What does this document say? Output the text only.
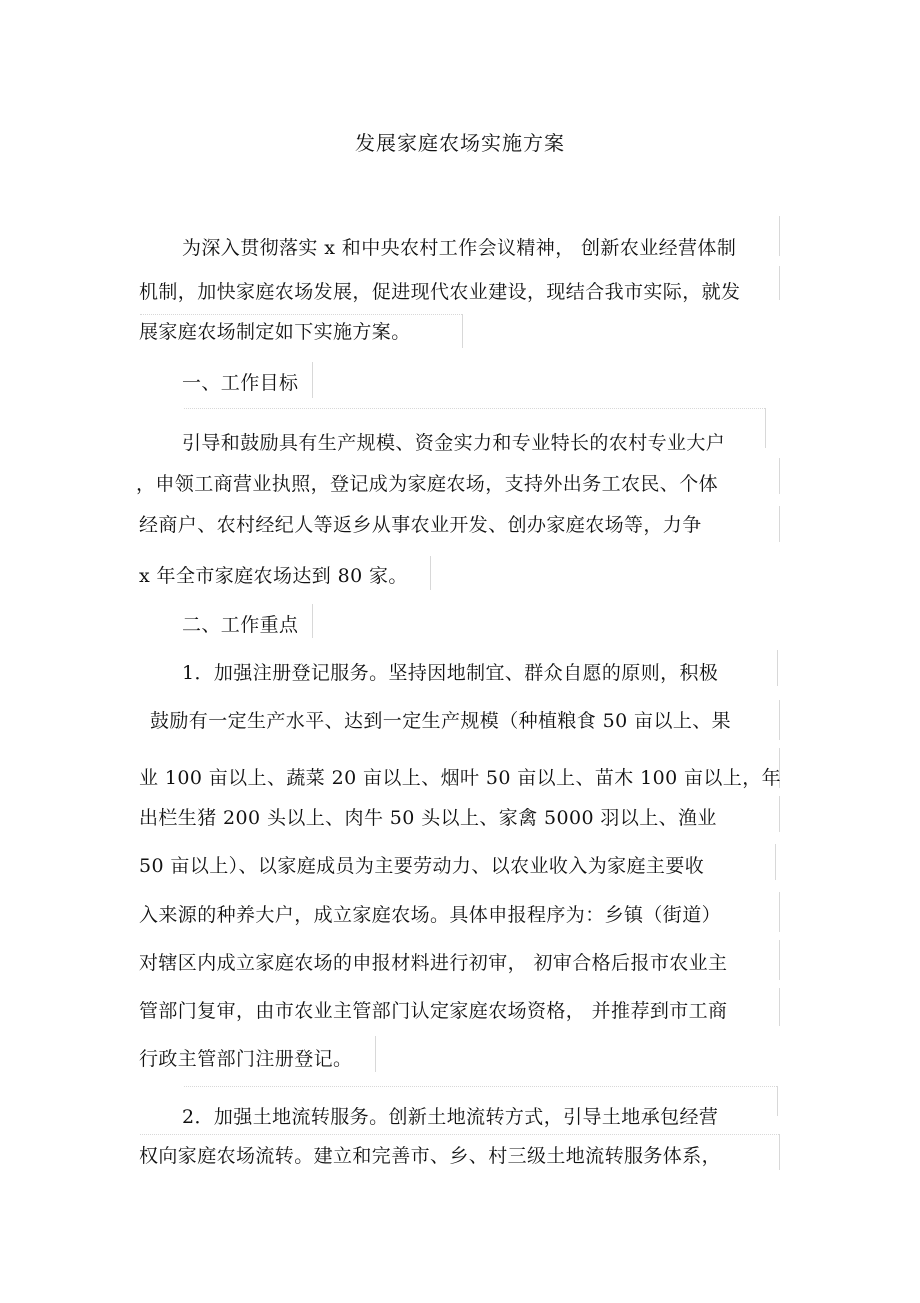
发展家庭农场实施方案
为深入贯彻落实 x 和中央农村工作会议精神， 创新农业经营体制
机制，加快家庭农场发展，促进现代农业建设，现结合我市实际，就发
展家庭农场制定如下实施方案。
一、工作目标
引导和鼓励具有生产规模、资金实力和专业特长的农村专业大户
，申领工商营业执照，登记成为家庭农场，支持外出务工农民、个体
经商户、农村经纪人等返乡从事农业开发、创办家庭农场等，力争
x 年全市家庭农场达到 80 家。
二、工作重点
1．加强注册登记服务。坚持因地制宜、群众自愿的原则，积极
鼓励有一定生产水平、达到一定生产规模（种植粮食 50 亩以上、果
业 100 亩以上、蔬菜 20 亩以上、烟叶 50 亩以上、苗木 100 亩以上，年
出栏生猪 200 头以上、肉牛 50 头以上、家禽 5000 羽以上、渔业
50 亩以上）、以家庭成员为主要劳动力、以农业收入为家庭主要收
入来源的种养大户，成立家庭农场。具体申报程序为：乡镇（街道）
对辖区内成立家庭农场的申报材料进行初审， 初审合格后报市农业主
管部门复审，由市农业主管部门认定家庭农场资格， 并推荐到市工商
行政主管部门注册登记。
2．加强土地流转服务。创新土地流转方式，引导土地承包经营
权向家庭农场流转。建立和完善市、乡、村三级土地流转服务体系，
